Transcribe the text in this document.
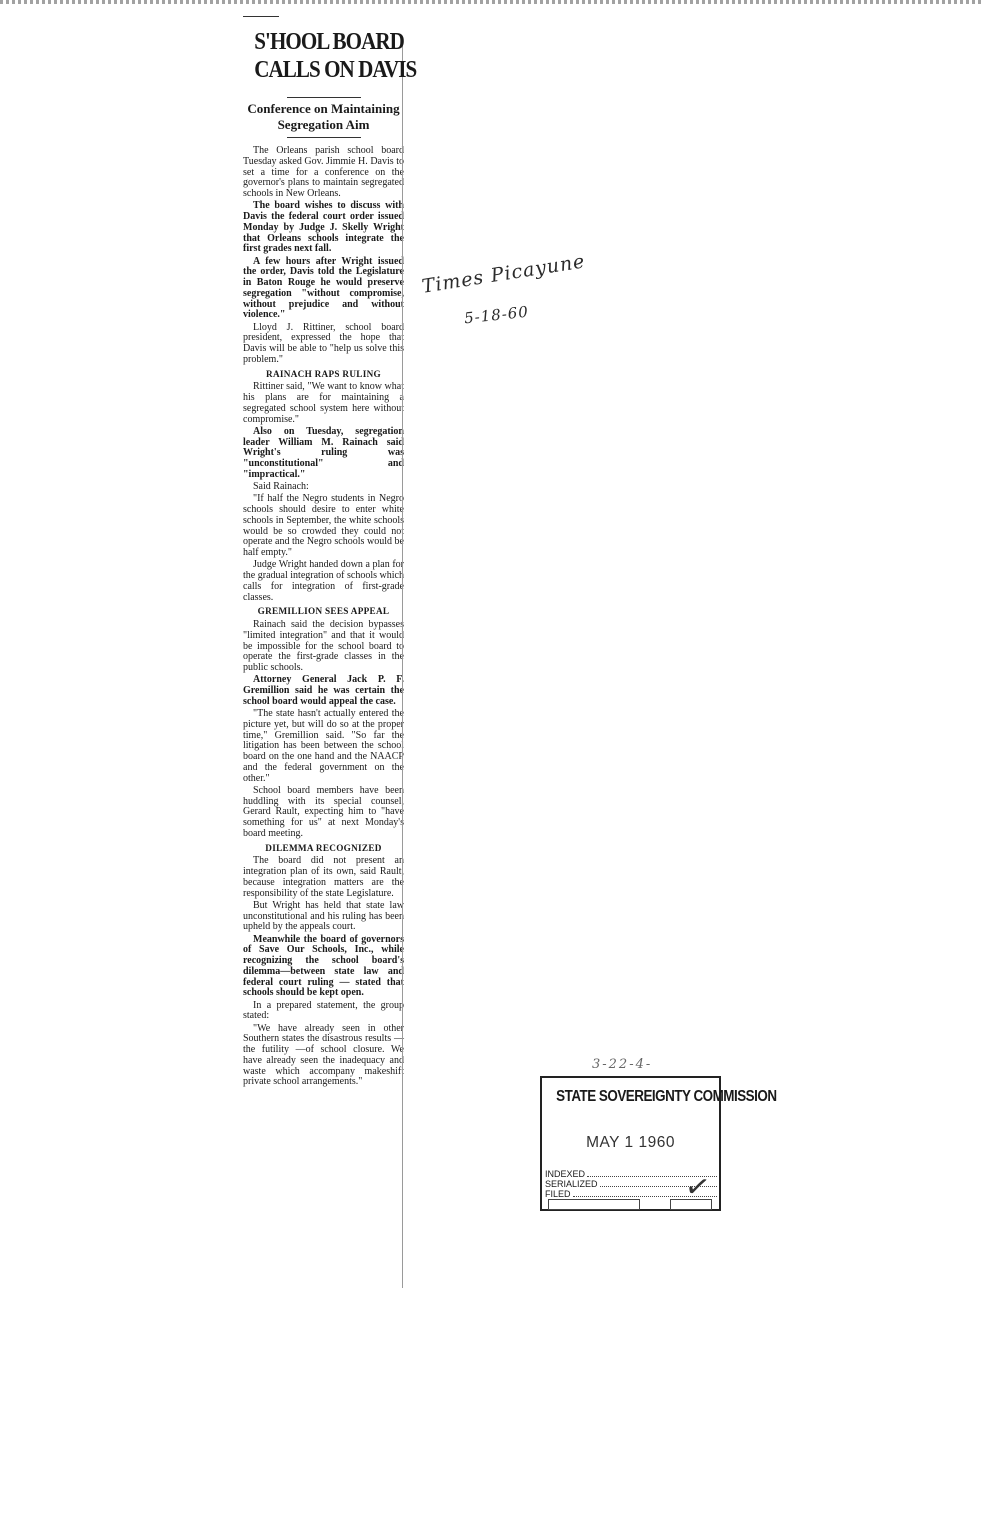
S'HOOL BOARD
CALLS ON DAVIS
Conference on Maintaining Segregation Aim

The Orleans parish school board Tuesday asked Gov. Jimmie H. Davis to set a time for a conference on the governor's plans to maintain segregated schools in New Orleans.

The board wishes to discuss with Davis the federal court order issued Monday by Judge J. Skelly Wright that Orleans schools integrate the first grades next fall.

A few hours after Wright issued the order, Davis told the Legislature in Baton Rouge he would preserve segregation "without compromise, without prejudice and without violence."

Lloyd J. Rittiner, school board president, expressed the hope that Davis will be able to "help us solve this problem."

RAINACH RAPS RULING

Rittiner said, "We want to know what his plans are for maintaining a segregated school system here without compromise."

Also on Tuesday, segregation leader William M. Rainach said Wright's ruling was "unconstitutional" and "impractical."

Said Rainach:

"If half the Negro students in Negro schools should desire to enter white schools in September, the white schools would be so crowded they could not operate and the Negro schools would be half empty."

Judge Wright handed down a plan for the gradual integration of schools which calls for integration of first-grade classes.

GREMILLION SEES APPEAL

Rainach said the decision bypasses "limited integration" and that it would be impossible for the school board to operate the first-grade classes in the public schools.

Attorney General Jack P. F. Gremillion said he was certain the school board would appeal the case.

"The state hasn't actually entered the picture yet, but will do so at the proper time," Gremillion said. "So far the litigation has been between the school board on the one hand and the NAACP and the federal government on the other."

School board members have been huddling with its special counsel, Gerard Rault, expecting him to "have something for us" at next Monday's board meeting.

DILEMMA RECOGNIZED

The board did not present an integration plan of its own, said Rault, because integration matters are the responsibility of the state Legislature.

But Wright has held that state law unconstitutional and his ruling has been upheld by the appeals court.

Meanwhile the board of governors of Save Our Schools, Inc., while recognizing the school board's dilemma—between state law and federal court ruling — stated that schools should be kept open.

In a prepared statement, the group stated:

"We have already seen in other Southern states the disastrous results — the futility —of school closure. We have already seen the inadequacy and waste which accompany makeshift private school arrangements."

Times Picayune
5-18-60
3-22-4-
STATE SOVEREIGNTY COMMISSION
MAY 1 1960
INDEXED
SERIALIZED
FILED	✓
